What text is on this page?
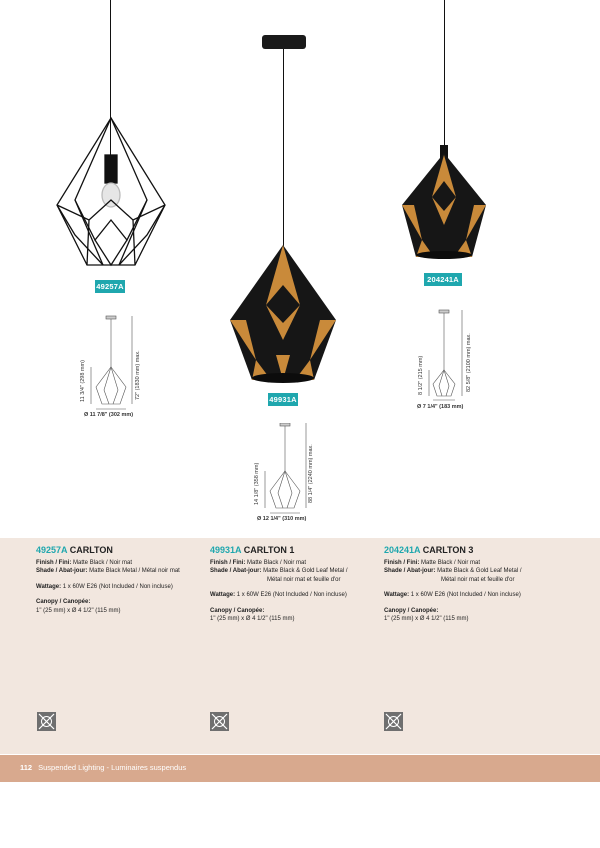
49257A
49931A
204241A
72" (1830 mm) max.
11 3/4" (298 mm)
Ø 11 7/8" (302 mm)
88 1/4" (2240 mm) max.
14 1/8" (358 mm)
Ø 12 1/4" (310 mm)
82 5/8" (2100 mm) max.
8 1/2" (215 mm)
Ø 7 1/4" (183 mm)
49257A CARLTON
Finish / Fini: Matte Black / Noir mat
Shade / Abat-jour: Matte Black Metal / Métal noir mat
Wattage: 1 x 60W E26 (Not Included / Non incluse)
Canopy / Canopée:
1" (25 mm) x Ø 4 1/2" (115 mm)
49931A CARLTON 1
Finish / Fini: Matte Black / Noir mat
Shade / Abat-jour: Matte Black & Gold Leaf Metal /
Métal noir mat et feuille d'or
Wattage: 1 x 60W E26 (Not Included / Non incluse)
Canopy / Canopée:
1" (25 mm) x Ø 4 1/2" (115 mm)
204241A CARLTON 3
Finish / Fini: Matte Black / Noir mat
Shade / Abat-jour: Matte Black & Gold Leaf Metal /
Métal noir mat et feuille d'or
Wattage: 1 x 60W E26 (Not Included / Non incluse)
Canopy / Canopée:
1" (25 mm) x Ø 4 1/2" (115 mm)
112 Suspended Lighting - Luminaires suspendus
